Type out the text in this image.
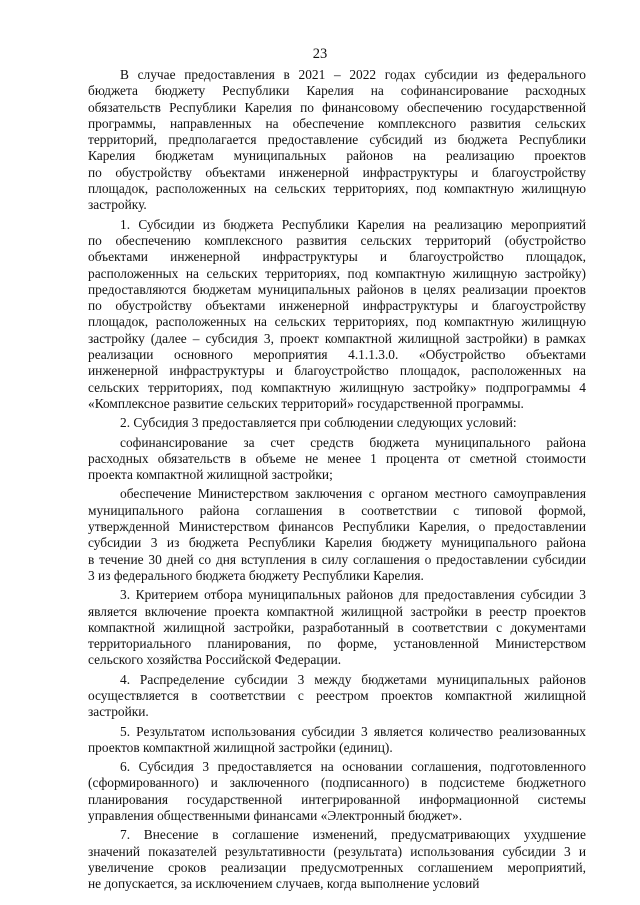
23
В случае предоставления в 2021 – 2022 годах субсидии из федерального
бюджета бюджету Республики Карелия на софинансирование расходных
обязательств Республики Карелия по финансовому обеспечению государственной
программы, направленных на обеспечение комплексного развития сельских
территорий, предполагается предоставление субсидий из бюджета Республики
Карелия бюджетам муниципальных районов на реализацию проектов
по обустройству объектами инженерной инфраструктуры и благоустройству
площадок, расположенных на сельских территориях, под компактную жилищную
застройку.
1. Субсидии из бюджета Республики Карелия на реализацию мероприятий
по обеспечению комплексного развития сельских территорий (обустройство
объектами инженерной инфраструктуры и благоустройство площадок,
расположенных на сельских территориях, под компактную жилищную застройку)
предоставляются бюджетам муниципальных районов в целях реализации проектов
по обустройству объектами инженерной инфраструктуры и благоустройству
площадок, расположенных на сельских территориях, под компактную жилищную
застройку (далее – субсидия 3, проект компактной жилищной застройки) в рамках
реализации основного мероприятия 4.1.1.3.0. «Обустройство объектами
инженерной инфраструктуры и благоустройство площадок, расположенных на
сельских территориях, под компактную жилищную застройку» подпрограммы 4
«Комплексное развитие сельских территорий» государственной программы.
2. Субсидия 3 предоставляется при соблюдении следующих условий:
софинансирование за счет средств бюджета муниципального района
расходных обязательств в объеме не менее 1 процента от сметной стоимости
проекта компактной жилищной застройки;
обеспечение Министерством заключения с органом местного самоуправления
муниципального района соглашения в соответствии с типовой формой,
утвержденной Министерством финансов Республики Карелия, о предоставлении
субсидии 3 из бюджета Республики Карелия бюджету муниципального района
в течение 30 дней со дня вступления в силу соглашения о предоставлении субсидии
3 из федерального бюджета бюджету Республики Карелия.
3. Критерием отбора муниципальных районов для предоставления субсидии 3
является включение проекта компактной жилищной застройки в реестр проектов
компактной жилищной застройки, разработанный в соответствии с документами
территориального планирования, по форме, установленной Министерством
сельского хозяйства Российской Федерации.
4. Распределение субсидии 3 между бюджетами муниципальных районов
осуществляется в соответствии с реестром проектов компактной жилищной
застройки.
5. Результатом использования субсидии 3 является количество реализованных
проектов компактной жилищной застройки (единиц).
6. Субсидия 3 предоставляется на основании соглашения, подготовленного
(сформированного) и заключенного (подписанного) в подсистеме бюджетного
планирования государственной интегрированной информационной системы
управления общественными финансами «Электронный бюджет».
7. Внесение в соглашение изменений, предусматривающих ухудшение
значений показателей результативности (результата) использования субсидии 3 и
увеличение сроков реализации предусмотренных соглашением мероприятий,
не допускается, за исключением случаев, когда выполнение условий
